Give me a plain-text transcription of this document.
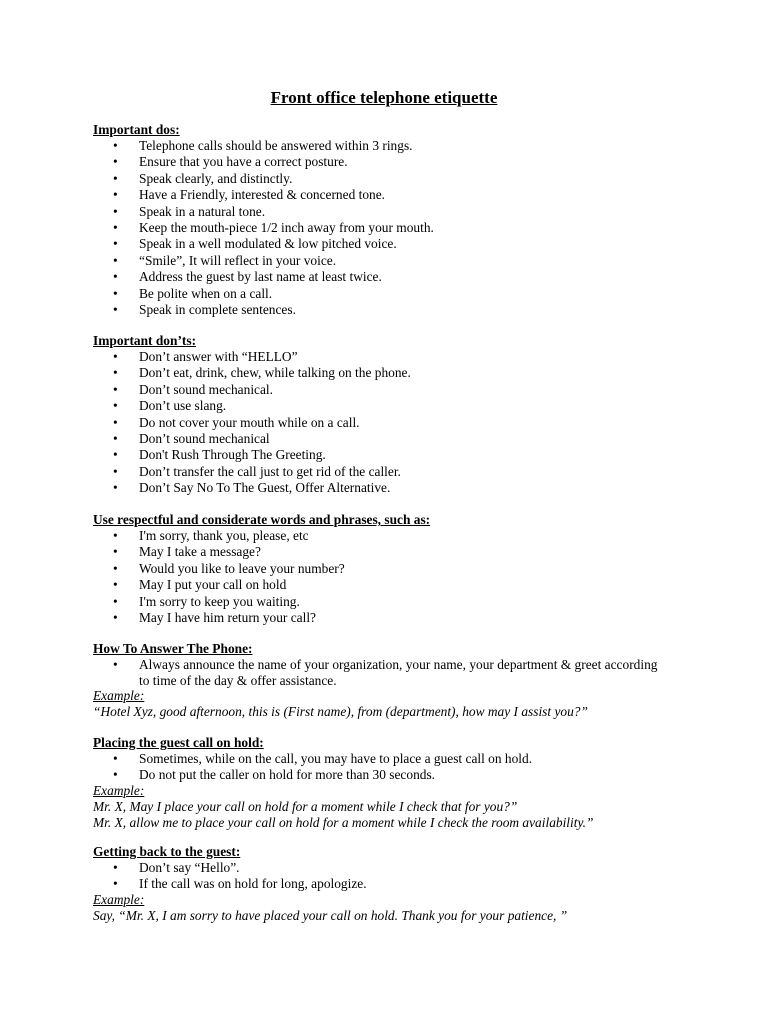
Front office telephone etiquette
Important dos:
• Telephone calls should be answered within 3 rings.
• Ensure that you have a correct posture.
• Speak clearly, and distinctly.
• Have a Friendly, interested & concerned tone.
• Speak in a natural tone.
• Keep the mouth-piece 1/2 inch away from your mouth.
• Speak in a well modulated & low pitched voice.
• “Smile”, It will reflect in your voice.
• Address the guest by last name at least twice.
• Be polite when on a call.
• Speak in complete sentences.
Important don’ts:
• Don’t answer with “HELLO”
• Don’t eat, drink, chew, while talking on the phone.
• Don’t sound mechanical.
• Don’t use slang.
• Do not cover your mouth while on a call.
• Don’t sound mechanical
• Don't Rush Through The Greeting.
• Don’t transfer the call just to get rid of the caller.
• Don’t Say No To The Guest, Offer Alternative.
Use respectful and considerate words and phrases, such as:
• I'm sorry, thank you, please, etc
• May I take a message?
• Would you like to leave your number?
• May I put your call on hold
• I'm sorry to keep you waiting.
• May I have him return your call?
How To Answer The Phone:
• Always announce the name of your organization, your name, your department & greet according to time of the day & offer assistance.
Example:
“Hotel Xyz, good afternoon, this is (First name), from (department), how may I assist you?”
Placing the guest call on hold:
• Sometimes, while on the call, you may have to place a guest call on hold.
• Do not put the caller on hold for more than 30 seconds.
Example:
Mr. X, May I place your call on hold for a moment while I check that for you?”
Mr. X, allow me to place your call on hold for a moment while I check the room availability.”
Getting back to the guest:
• Don’t say “Hello”.
• If the call was on hold for long, apologize.
Example:
Say, “Mr. X, I am sorry to have placed your call on hold. Thank you for your patience, ”
